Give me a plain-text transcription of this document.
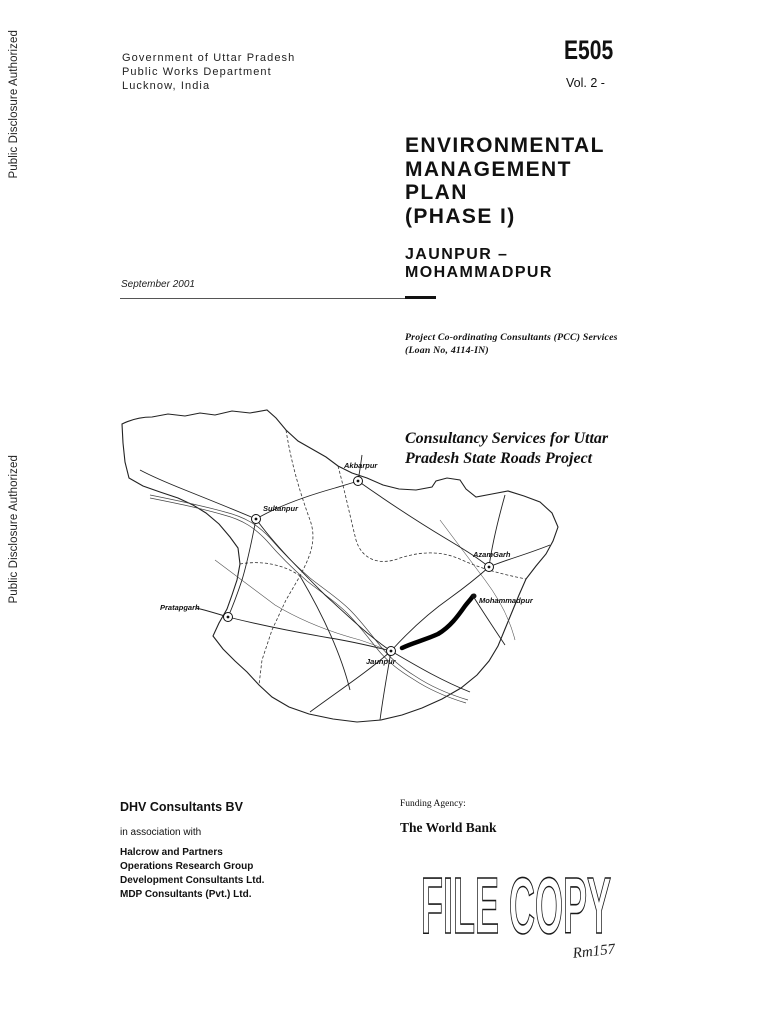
Public Disclosure Authorized
Public Disclosure Authorized
Government of Uttar Pradesh
Public Works Department
Lucknow, India
E505
Vol. 2 -
ENVIRONMENTAL
MANAGEMENT
PLAN
(PHASE I)
JAUNPUR –
MOHAMMADPUR
September 2001
Project Co-ordinating Consultants (PCC) Services
(Loan No, 4114-IN)
Consultancy Services for Uttar
Pradesh State Roads Project
Akbarpur
Sultanpur
AzamGarh
Mohammadpur
Pratapgarh
Jaunpur
DHV Consultants BV
in association with
Halcrow and Partners
Operations Research Group
Development Consultants Ltd.
MDP Consultants (Pvt.) Ltd.
Funding Agency:
The World Bank
FILE COPY
Rm157
